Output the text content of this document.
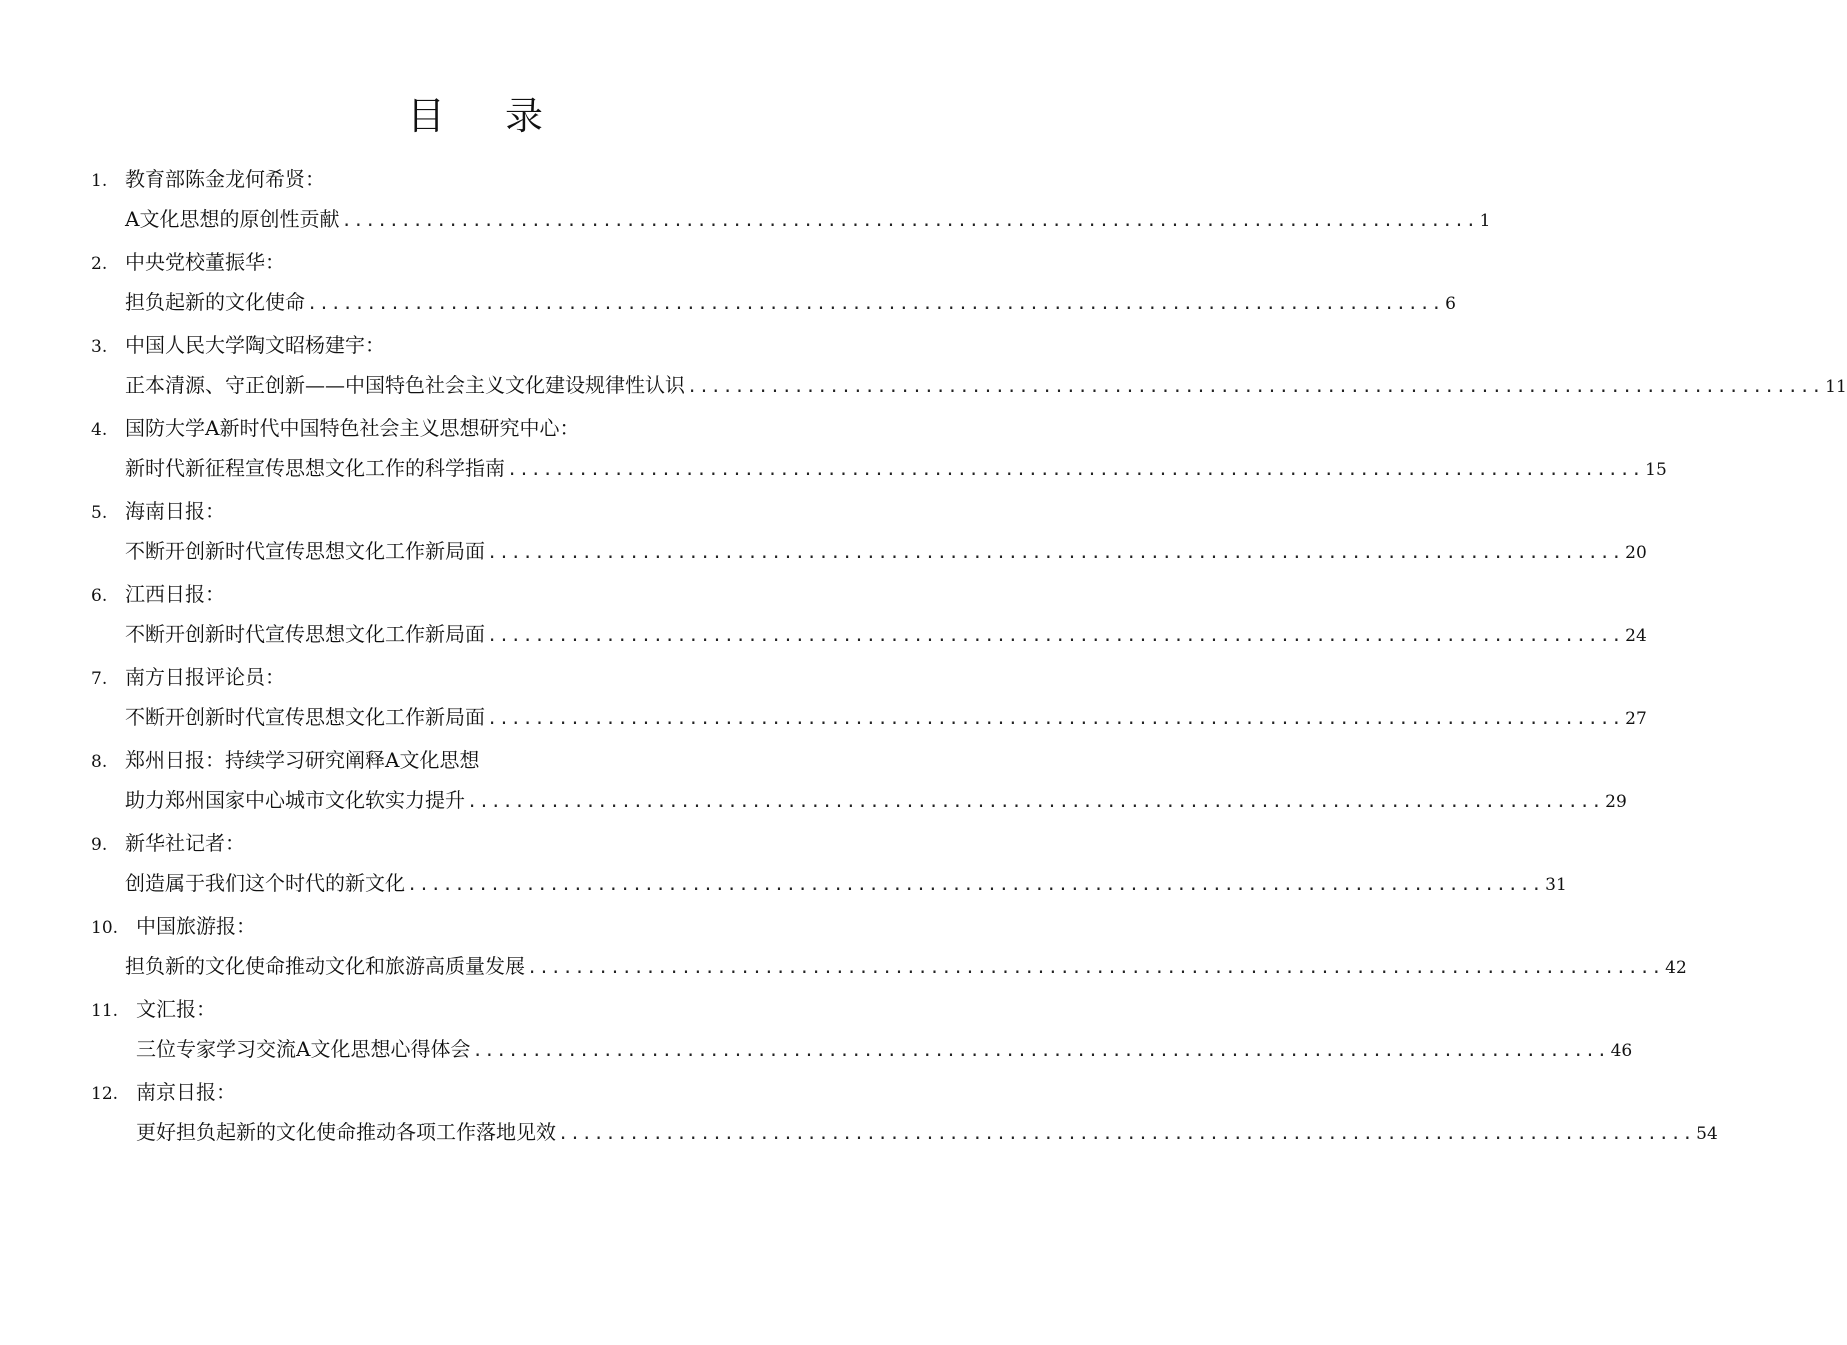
目 录
1. 教育部陈金龙何希贤：
A文化思想的原创性贡献 ................................................................................................ 1
2. 中央党校董振华：
担负起新的文化使命 ................................................................................................ 6
3. 中国人民大学陶文昭杨建宇：
正本清源、守正创新——中国特色社会主义文化建设规律性认识 ................................................................................................ 11
4. 国防大学A新时代中国特色社会主义思想研究中心：
新时代新征程宣传思想文化工作的科学指南 ................................................................................................ 15
5. 海南日报：
不断开创新时代宣传思想文化工作新局面 ................................................................................................ 20
6. 江西日报：
不断开创新时代宣传思想文化工作新局面 ................................................................................................ 24
7. 南方日报评论员：
不断开创新时代宣传思想文化工作新局面 ................................................................................................ 27
8. 郑州日报：持续学习研究阐释A文化思想
助力郑州国家中心城市文化软实力提升 ................................................................................................ 29
9. 新华社记者：
创造属于我们这个时代的新文化 ................................................................................................ 31
10. 中国旅游报：
担负新的文化使命推动文化和旅游高质量发展 ................................................................................................ 42
11. 文汇报：
三位专家学习交流A文化思想心得体会 ................................................................................................ 46
12. 南京日报：
更好担负起新的文化使命推动各项工作落地见效 ................................................................................................ 54
